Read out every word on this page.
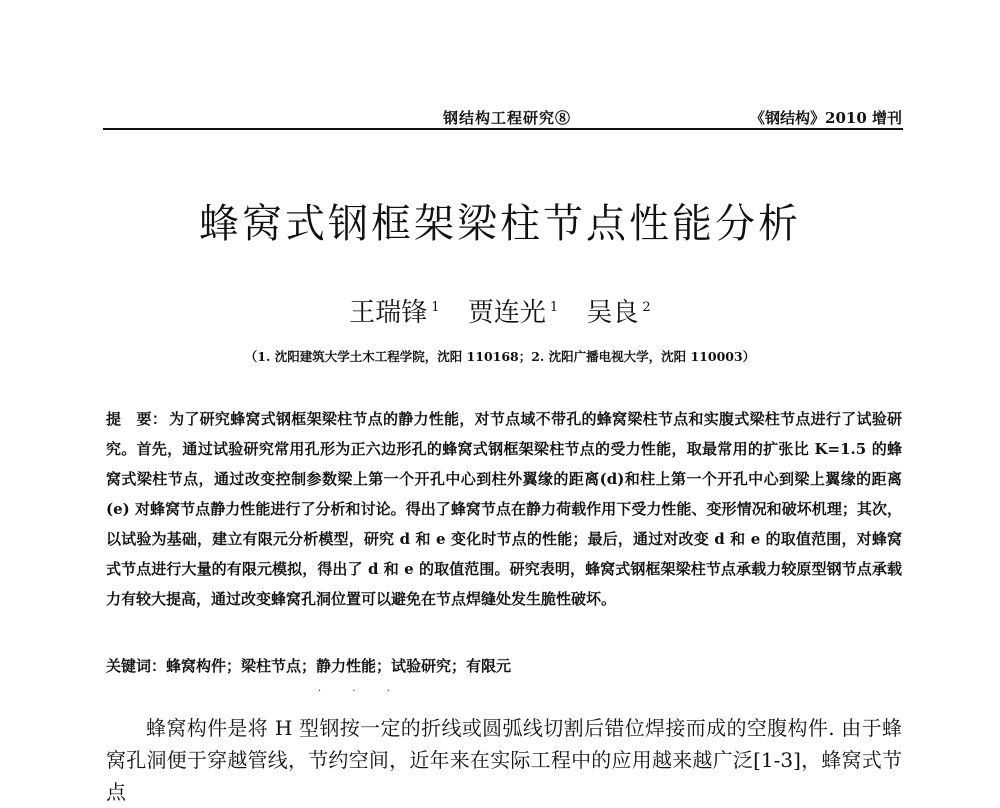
钢结构工程研究⑧	《钢结构》2010 增刊
蜂窝式钢框架梁柱节点性能分析
王瑞锋 $^1$ 贾连光 $^1$ 吴良 $^2$
（1. 沈阳建筑大学土木工程学院，沈阳 110168；2. 沈阳广播电视大学，沈阳 110003）

提　要： 为了研究蜂窝式钢框架梁柱节点的静力性能，对节点域不带孔的蜂窝梁柱节点和实腹式梁柱节点进行了试验研究。首先，通过试验研究常用孔形为正六边形孔的蜂窝式钢框架梁柱节点的受力性能，取最常用的扩张比 K=1.5 的蜂窝式梁柱节点，通过改变控制参数梁上第一个开孔中心到柱外翼缘的距离(d)和柱上第一个开孔中心到梁上翼缘的距离(e) 对蜂窝节点静力性能进行了分析和讨论。得出了蜂窝节点在静力荷载作用下受力性能、变形情况和破坏机理；其次，以试验为基础，建立有限元分析模型，研究 d 和 e 变化时节点的性能；最后，通过对改变 d 和 e 的取值范围，对蜂窝式节点进行大量的有限元模拟，得出了 d 和 e 的取值范围。研究表明，蜂窝式钢框架梁柱节点承载力较原型钢节点承载力有较大提高，通过改变蜂窝孔洞位置可以避免在节点焊缝处发生脆性破坏。

关键词：蜂窝构件；梁柱节点；静力性能；试验研究；有限元
· · ·

蜂窝构件是将 H 型钢按一定的折线或圆弧线切割后错位焊接而成的空腹构件. 由于蜂窝孔洞便于穿越管线，节约空间，近年来在实际工程中的应用越来越广泛[1-3]，蜂窝式节点
